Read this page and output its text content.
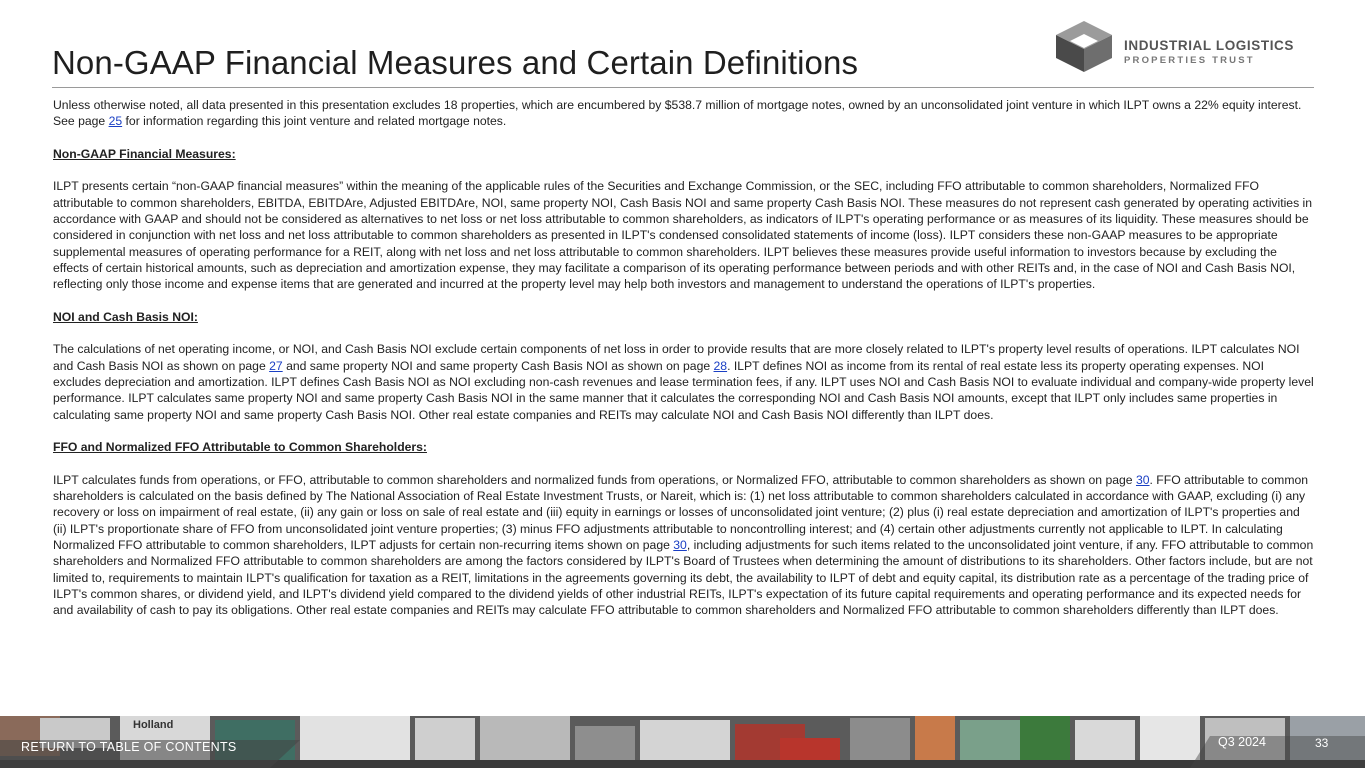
Non-GAAP Financial Measures and Certain Definitions	INDUSTRIAL LOGISTICS
PROPERTIES TRUST

Unless otherwise noted, all data presented in this presentation excludes 18 properties, which are encumbered by $538.7 million of mortgage notes, owned by an unconsolidated joint venture in which ILPT owns a 22% equity interest. See page 25 for information regarding this joint venture and related mortgage notes.

Non-GAAP Financial Measures:

ILPT presents certain “non-GAAP financial measures” within the meaning of the applicable rules of the Securities and Exchange Commission, or the SEC, including FFO attributable to common shareholders, Normalized FFO attributable to common shareholders, EBITDA, EBITDAre, Adjusted EBITDAre, NOI, same property NOI, Cash Basis NOI and same property Cash Basis NOI. These measures do not represent cash generated by operating activities in accordance with GAAP and should not be considered as alternatives to net loss or net loss attributable to common shareholders, as indicators of ILPT's operating performance or as measures of its liquidity. These measures should be considered in conjunction with net loss and net loss attributable to common shareholders as presented in ILPT's condensed consolidated statements of income (loss). ILPT considers these non-GAAP measures to be appropriate supplemental measures of operating performance for a REIT, along with net loss and net loss attributable to common shareholders. ILPT believes these measures provide useful information to investors because by excluding the effects of certain historical amounts, such as depreciation and amortization expense, they may facilitate a comparison of its operating performance between periods and with other REITs and, in the case of NOI and Cash Basis NOI, reflecting only those income and expense items that are generated and incurred at the property level may help both investors and management to understand the operations of ILPT's properties.

NOI and Cash Basis NOI:

The calculations of net operating income, or NOI, and Cash Basis NOI exclude certain components of net loss in order to provide results that are more closely related to ILPT's property level results of operations. ILPT calculates NOI and Cash Basis NOI as shown on page 27 and same property NOI and same property Cash Basis NOI as shown on page 28. ILPT defines NOI as income from its rental of real estate less its property operating expenses. NOI excludes depreciation and amortization. ILPT defines Cash Basis NOI as NOI excluding non-cash revenues and lease termination fees, if any. ILPT uses NOI and Cash Basis NOI to evaluate individual and company-wide property level performance. ILPT calculates same property NOI and same property Cash Basis NOI in the same manner that it calculates the corresponding NOI and Cash Basis NOI amounts, except that ILPT only includes same properties in calculating same property NOI and same property Cash Basis NOI. Other real estate companies and REITs may calculate NOI and Cash Basis NOI differently than ILPT does.

FFO and Normalized FFO Attributable to Common Shareholders:

ILPT calculates funds from operations, or FFO, attributable to common shareholders and normalized funds from operations, or Normalized FFO, attributable to common shareholders as shown on page 30. FFO attributable to common shareholders is calculated on the basis defined by The National Association of Real Estate Investment Trusts, or Nareit, which is: (1) net loss attributable to common shareholders calculated in accordance with GAAP, excluding (i) any recovery or loss on impairment of real estate, (ii) any gain or loss on sale of real estate and (iii) equity in earnings or losses of unconsolidated joint venture; (2) plus (i) real estate depreciation and amortization of ILPT's properties and (ii) ILPT's proportionate share of FFO from unconsolidated joint venture properties; (3) minus FFO adjustments attributable to noncontrolling interest; and (4) certain other adjustments currently not applicable to ILPT. In calculating Normalized FFO attributable to common shareholders, ILPT adjusts for certain non-recurring items shown on page 30, including adjustments for such items related to the unconsolidated joint venture, if any. FFO attributable to common shareholders and Normalized FFO attributable to common shareholders are among the factors considered by ILPT's Board of Trustees when determining the amount of distributions to its shareholders. Other factors include, but are not limited to, requirements to maintain ILPT's qualification for taxation as a REIT, limitations in the agreements governing its debt, the availability to ILPT of debt and equity capital, its distribution rate as a percentage of the trading price of ILPT's common shares, or dividend yield, and ILPT's dividend yield compared to the dividend yields of other industrial REITs, ILPT's expectation of its future capital requirements and operating performance and its expected needs for and availability of cash to pay its obligations. Other real estate companies and REITs may calculate FFO attributable to common shareholders and Normalized FFO attributable to common shareholders differently than ILPT does.

Holland
RETURN TO TABLE OF CONTENTS	Q3 2024	33
